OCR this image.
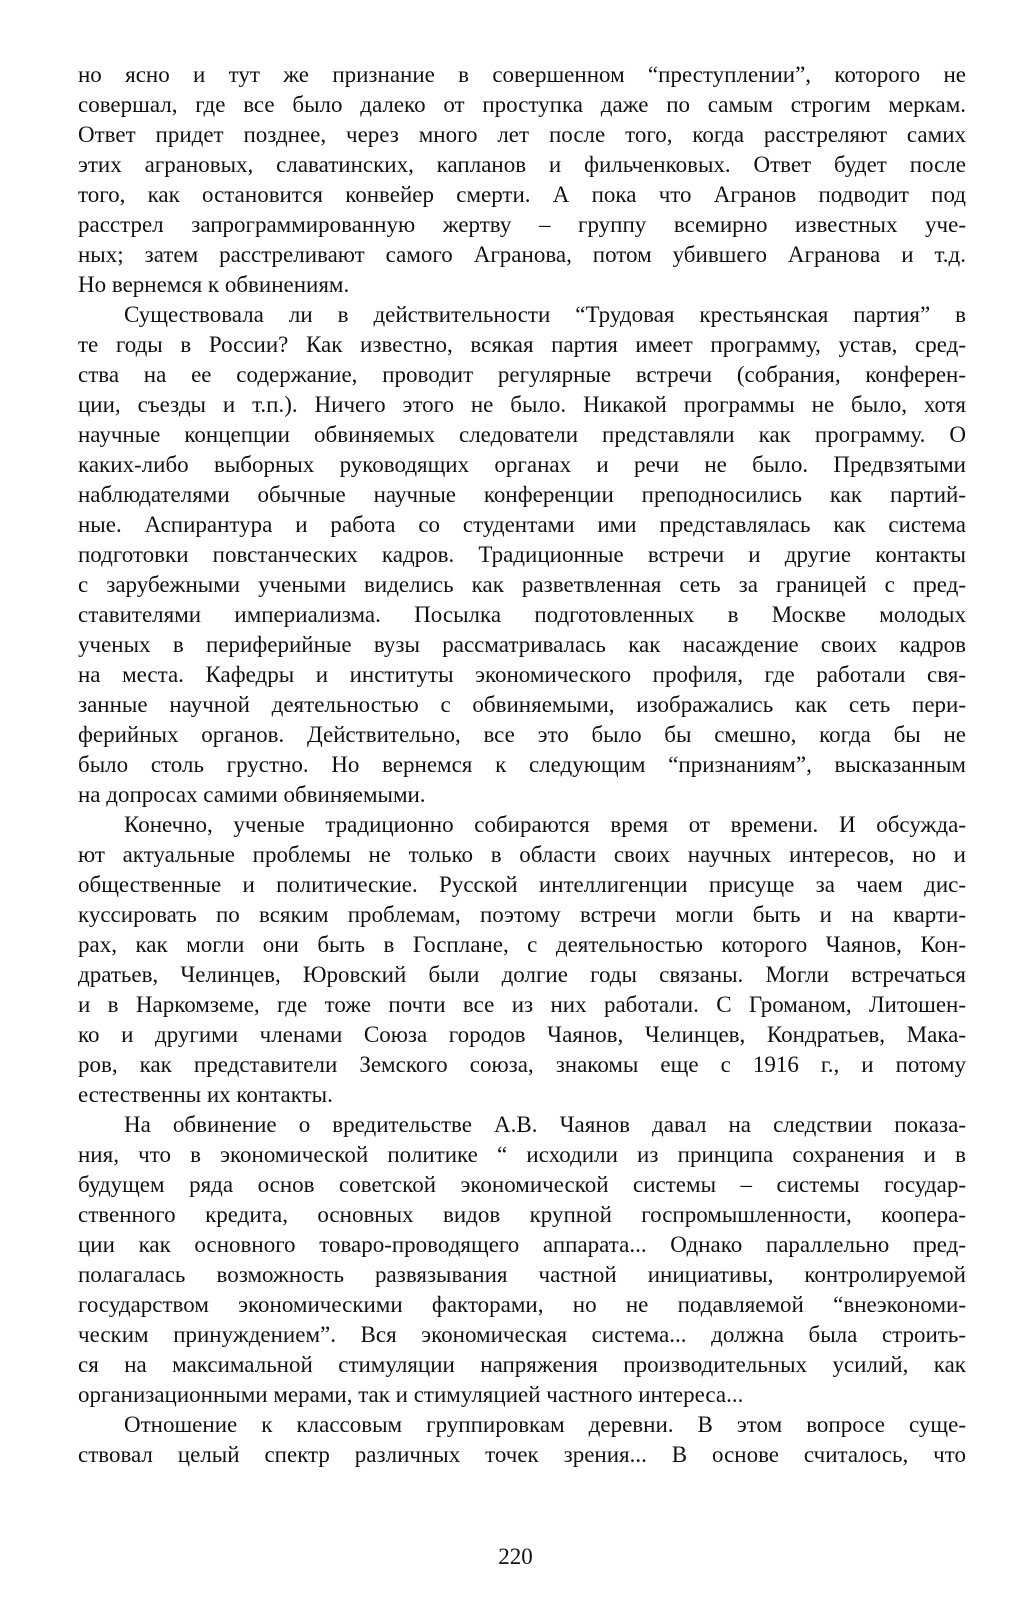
но ясно и тут же признание в совершенном “преступлении”, которого не
совершал, где все было далеко от проступка даже по самым строгим меркам.
Ответ придет позднее, через много лет после того, когда расстреляют самих
этих аграновых, славатинских, капланов и фильченковых. Ответ будет после
того, как остановится конвейер смерти. А пока что Агранов подводит под
расстрел запрограммированную жертву – группу всемирно известных уче-
ных; затем расстреливают самого Агранова, потом убившего Агранова и т.д.
Но вернемся к обвинениям.
Существовала ли в действительности “Трудовая крестьянская партия” в
те годы в России? Как известно, всякая партия имеет программу, устав, сред-
ства на ее содержание, проводит регулярные встречи (собрания, конферен-
ции, съезды и т.п.). Ничего этого не было. Никакой программы не было, хотя
научные концепции обвиняемых следователи представляли как программу. О
каких-либо выборных руководящих органах и речи не было. Предвзятыми
наблюдателями обычные научные конференции преподносились как партий-
ные. Аспирантура и работа со студентами ими представлялась как система
подготовки повстанческих кадров. Традиционные встречи и другие контакты
с зарубежными учеными виделись как разветвленная сеть за границей с пред-
ставителями империализма. Посылка подготовленных в Москве молодых
ученых в периферийные вузы рассматривалась как насаждение своих кадров
на места. Кафедры и институты экономического профиля, где работали свя-
занные научной деятельностью с обвиняемыми, изображались как сеть пери-
ферийных органов. Действительно, все это было бы смешно, когда бы не
было столь грустно. Но вернемся к следующим “признаниям”, высказанным
на допросах самими обвиняемыми.
Конечно, ученые традиционно собираются время от времени. И обсужда-
ют актуальные проблемы не только в области своих научных интересов, но и
общественные и политические. Русской интеллигенции присуще за чаем дис-
куссировать по всяким проблемам, поэтому встречи могли быть и на кварти-
рах, как могли они быть в Госплане, с деятельностью которого Чаянов, Кон-
дратьев, Челинцев, Юровский были долгие годы связаны. Могли встречаться
и в Наркомземе, где тоже почти все из них работали. С Громаном, Литошен-
ко и другими членами Союза городов Чаянов, Челинцев, Кондратьев, Мака-
ров, как представители Земского союза, знакомы еще с 1916 г., и потому
естественны их контакты.
На обвинение о вредительстве А.В. Чаянов давал на следствии показа-
ния, что в экономической политике “ исходили из принципа сохранения и в
будущем ряда основ советской экономической системы – системы государ-
ственного кредита, основных видов крупной госпромышленности, коопера-
ции как основного товаро-проводящего аппарата... Однако параллельно пред-
полагалась возможность развязывания частной инициативы, контролируемой
государством экономическими факторами, но не подавляемой “внеэкономи-
ческим принуждением”. Вся экономическая система... должна была строить-
ся на максимальной стимуляции напряжения производительных усилий, как
организационными мерами, так и стимуляцией частного интереса...
Отношение к классовым группировкам деревни. В этом вопросе суще-
ствовал целый спектр различных точек зрения... В основе считалось, что
220
